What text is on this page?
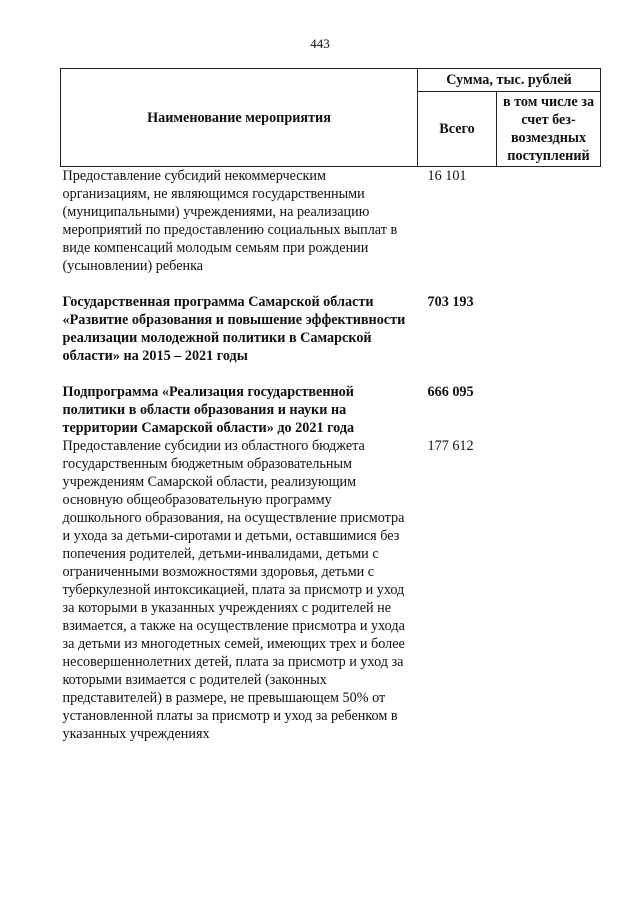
443
Наименование мероприятия	Сумма, тыс. рублей	
	Всего	в том числе за счет без-возмездных поступлений
Предоставление субсидий некоммерческим организациям, не являющимся государственными (муниципальными) учреждениями, на реализацию мероприятий по предоставлению социальных выплат в виде компенсаций молодым семьям при рождении (усыновлении) ребенка	16 101	
Государственная программа Самарской области «Развитие образования и повышение эффективности реализации молодежной политики в Самарской области» на 2015 – 2021 годы	703 193	
Подпрограмма «Реализация государственной политики в области образования и науки на территории Самарской области» до 2021 года	666 095	
Предоставление субсидии из областного бюджета государственным бюджетным образовательным учреждениям Самарской области, реализующим основную общеобразовательную программу дошкольного образования, на осуществление присмотра и ухода за детьми-сиротами и детьми, оставшимися без попечения родителей, детьми-инвалидами, детьми с ограниченными возможностями здоровья, детьми с туберкулезной интоксикацией, плата за присмотр и уход за которыми в указанных учреждениях с родителей не взимается, а также на осуществление присмотра и ухода за детьми из многодетных семей, имеющих трех и более несовершеннолетних детей, плата за присмотр и уход за которыми взимается с родителей (законных представителей) в размере, не превышающем 50% от установленной платы за присмотр и уход за ребенком в указанных учреждениях	177 612	
